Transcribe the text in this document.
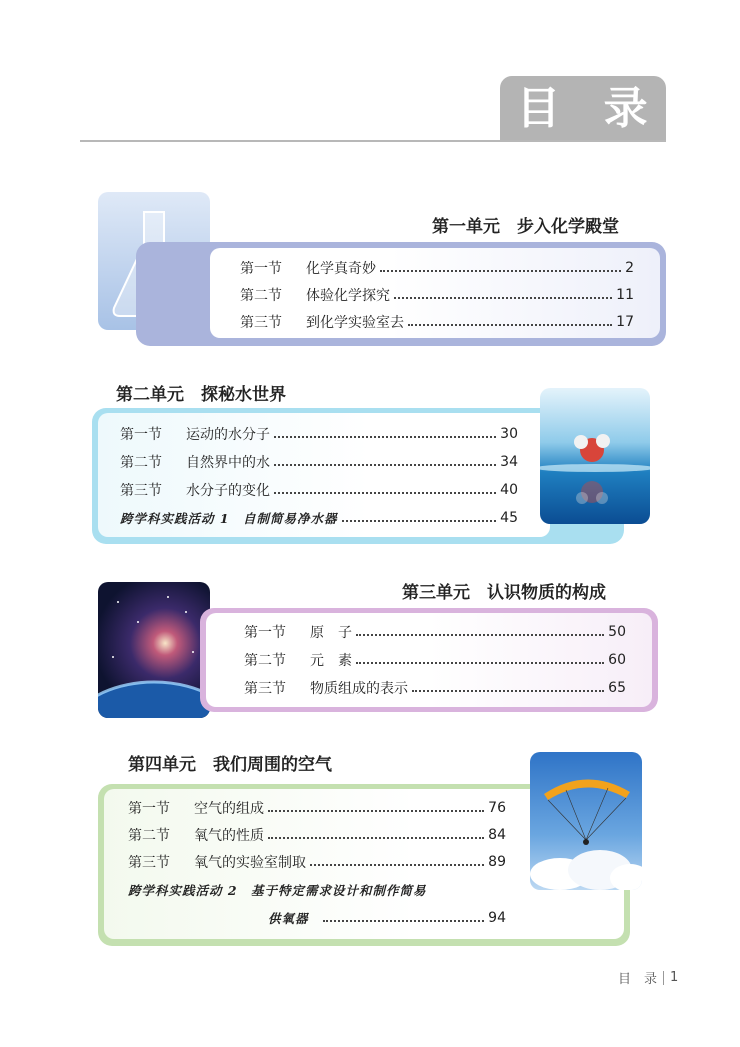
目 录
第一单元　步入化学殿堂
第一节	化学真奇妙	2
第二节	体验化学探究	11
第三节	到化学实验室去	17
第二单元　探秘水世界
第一节	运动的水分子	30
第二节	自然界中的水	34
第三节	水分子的变化	40
跨学科实践活动 1　自制简易净水器	45
第三单元　认识物质的构成
第一节	原　子	50
第二节	元　素	60
第三节	物质组成的表示	65
第四单元　我们周围的空气
第一节	空气的组成	76
第二节	氧气的性质	84
第三节	氧气的实验室制取	89
跨学科实践活动 2　基于特定需求设计和制作简易
供氧器	94
目　录 1
